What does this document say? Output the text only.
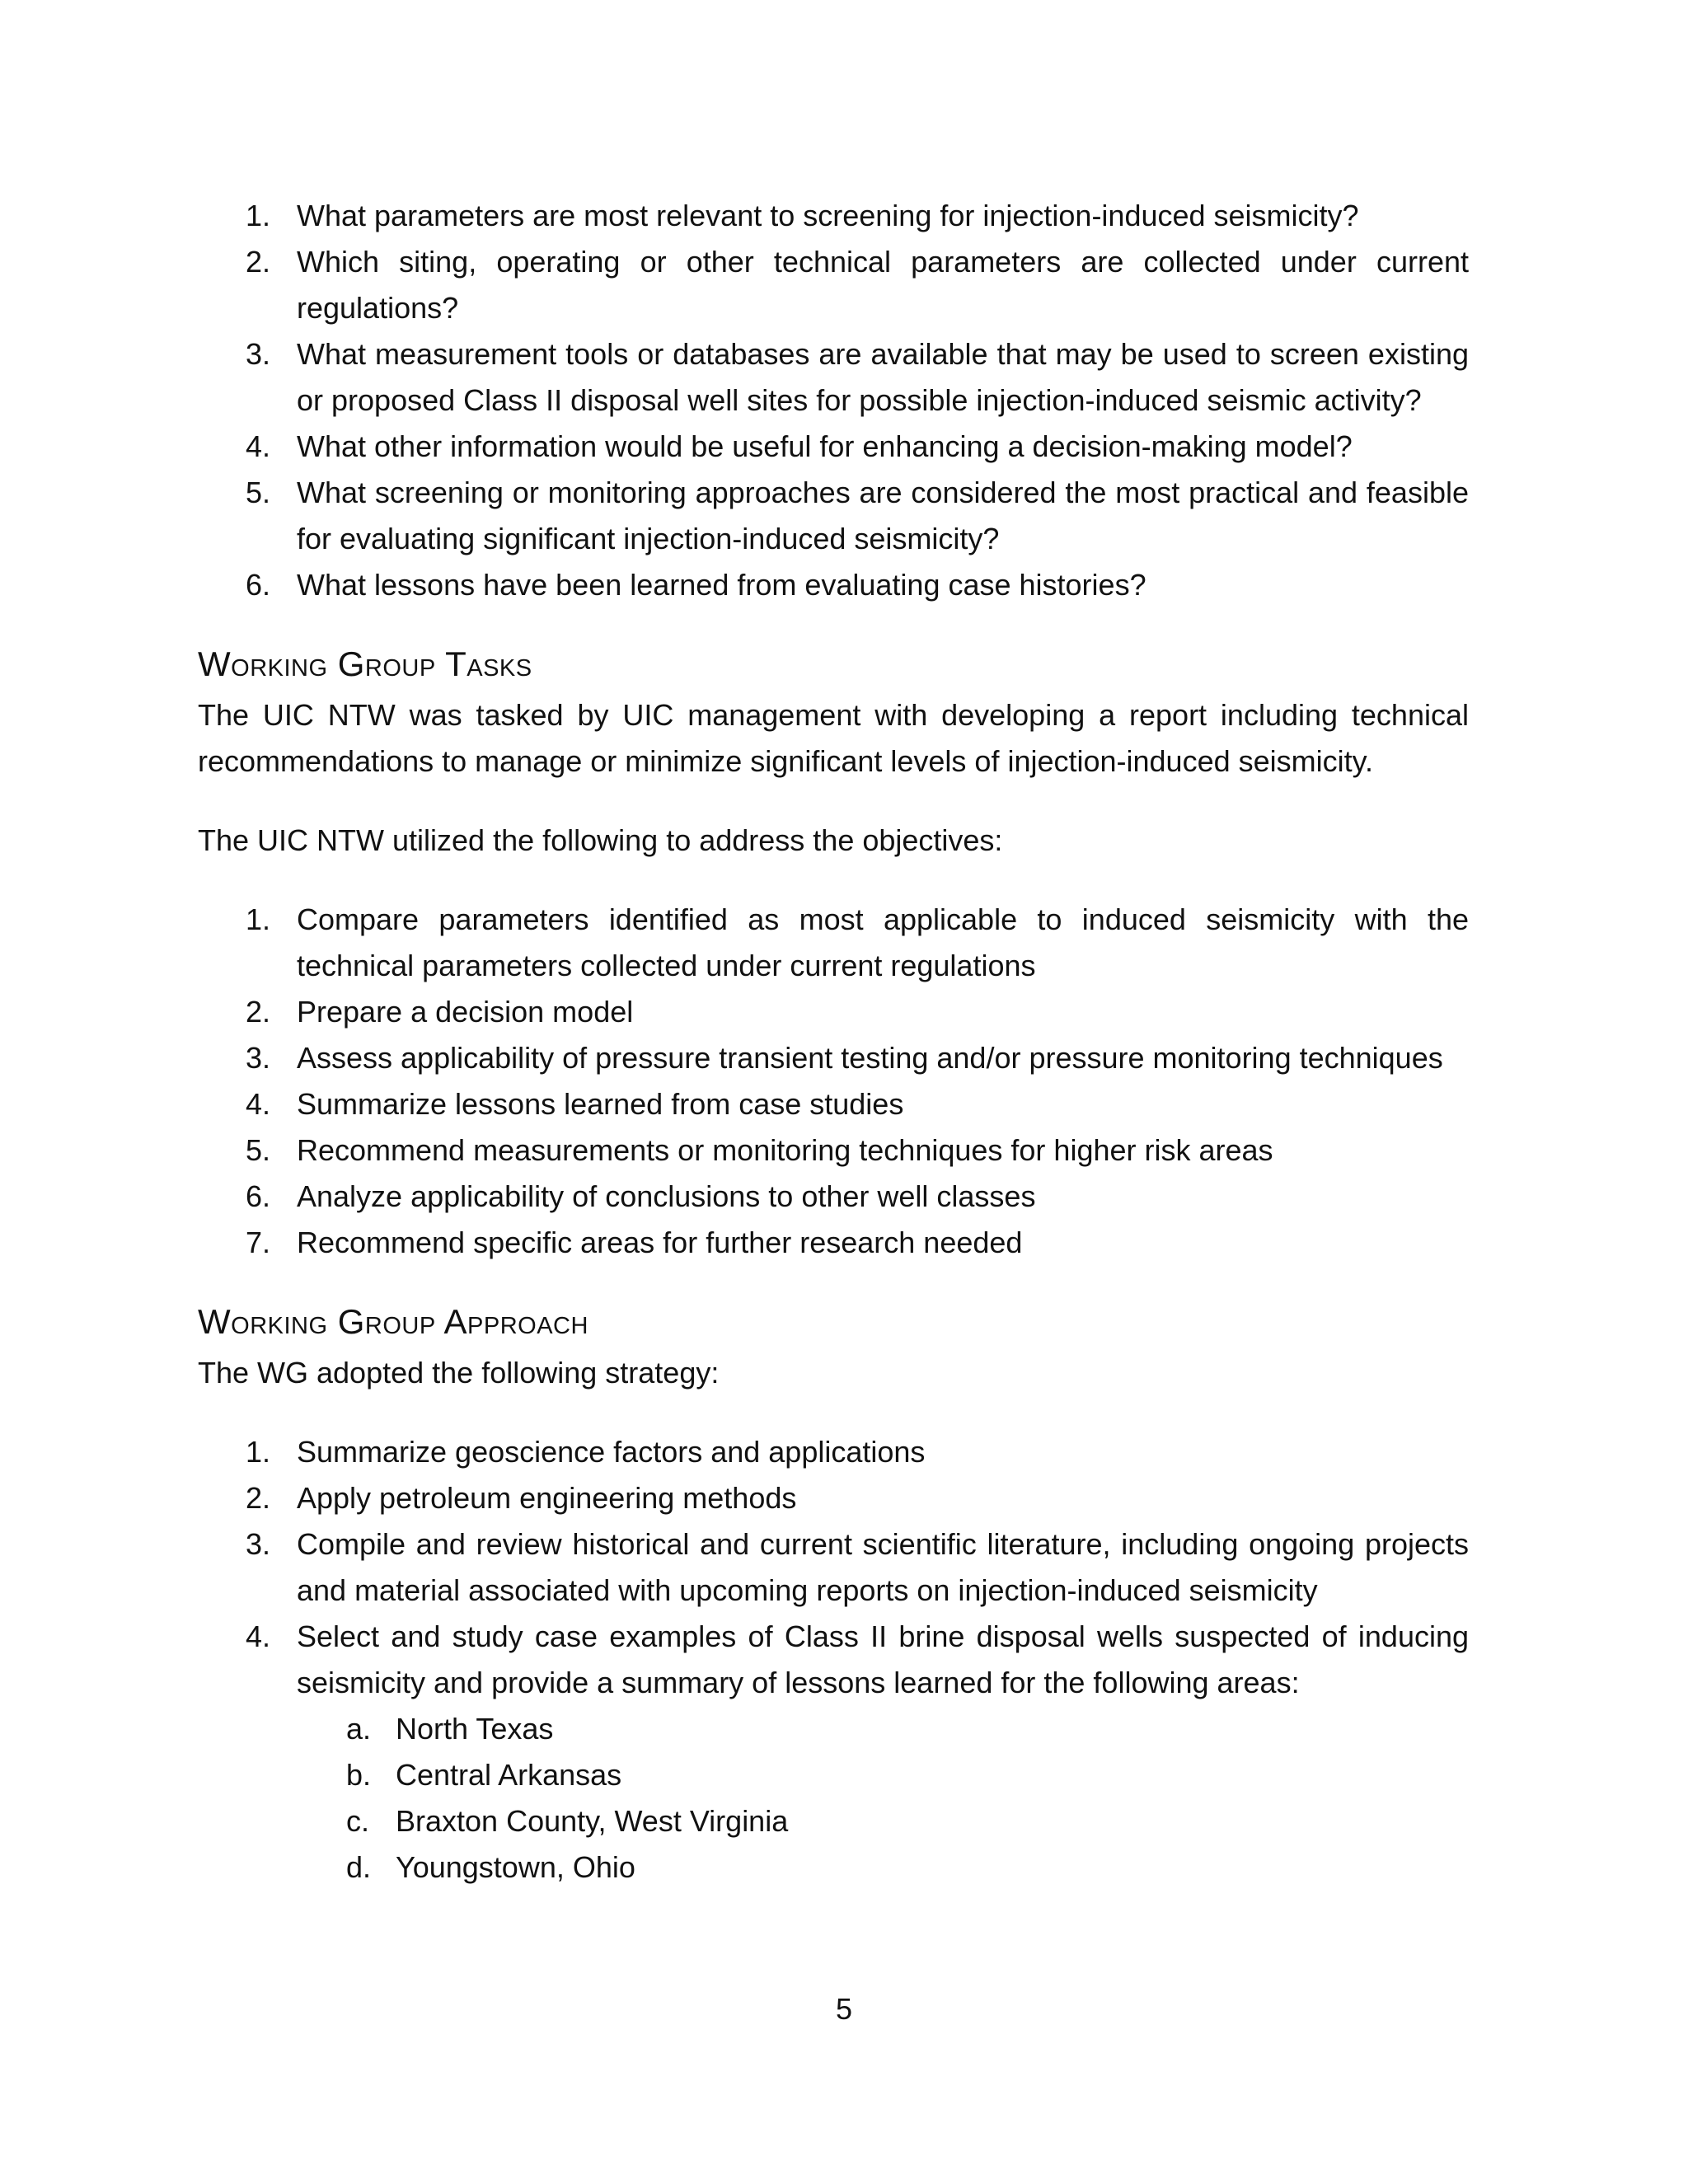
1. What parameters are most relevant to screening for injection-induced seismicity?
2. Which siting, operating or other technical parameters are collected under current regulations?
3. What measurement tools or databases are available that may be used to screen existing or proposed Class II disposal well sites for possible injection-induced seismic activity?
4. What other information would be useful for enhancing a decision-making model?
5. What screening or monitoring approaches are considered the most practical and feasible for evaluating significant injection-induced seismicity?
6. What lessons have been learned from evaluating case histories?
Working Group Tasks

The UIC NTW was tasked by UIC management with developing a report including technical recommendations to manage or minimize significant levels of injection-induced seismicity.

The UIC NTW utilized the following to address the objectives:

1. Compare parameters identified as most applicable to induced seismicity with the technical parameters collected under current regulations
2. Prepare a decision model
3. Assess applicability of pressure transient testing and/or pressure monitoring techniques
4. Summarize lessons learned from case studies
5. Recommend measurements or monitoring techniques for higher risk areas
6. Analyze applicability of conclusions to other well classes
7. Recommend specific areas for further research needed
Working Group Approach

The WG adopted the following strategy:

1. Summarize geoscience factors and applications
2. Apply petroleum engineering methods
3. Compile and review historical and current scientific literature, including ongoing projects and material associated with upcoming reports on injection-induced seismicity
4. Select and study case examples of Class II brine disposal wells suspected of inducing seismicity and provide a summary of lessons learned for the following areas:
a. North Texas
b. Central Arkansas
c. Braxton County, West Virginia
d. Youngstown, Ohio
5
